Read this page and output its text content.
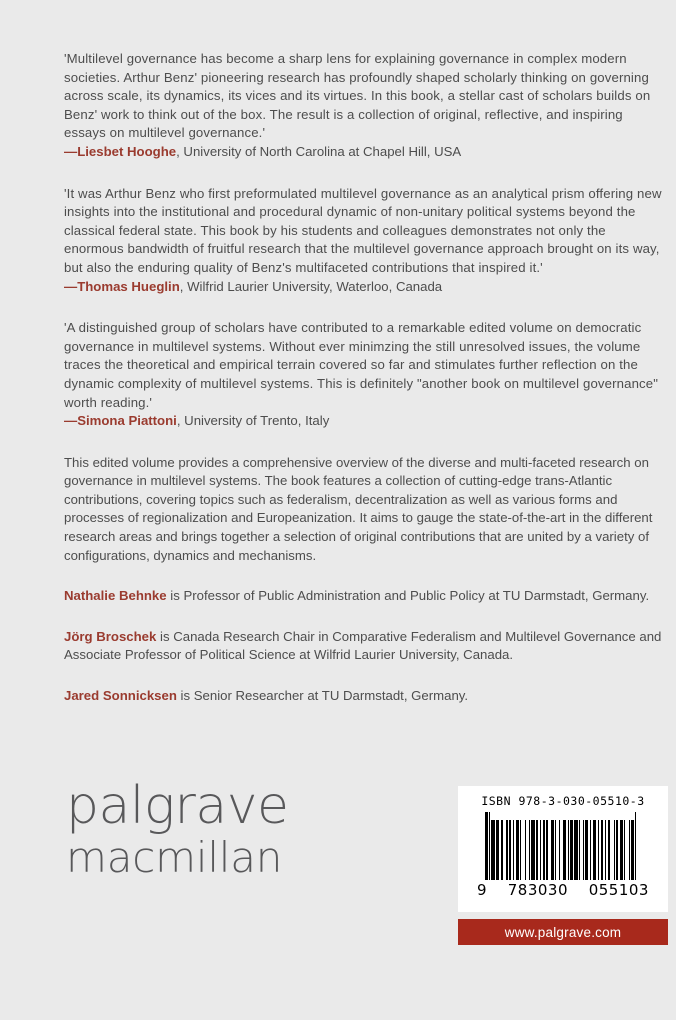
'Multilevel governance has become a sharp lens for explaining governance in complex modern societies. Arthur Benz' pioneering research has profoundly shaped scholarly thinking on governing across scale, its dynamics, its vices and its virtues. In this book, a stellar cast of scholars builds on Benz' work to think out of the box. The result is a collection of original, reflective, and inspiring essays on multilevel governance.'

—Liesbet Hooghe, University of North Carolina at Chapel Hill, USA

'It was Arthur Benz who first preformulated multilevel governance as an analytical prism offering new insights into the institutional and procedural dynamic of non-unitary political systems beyond the classical federal state. This book by his students and colleagues demonstrates not only the enormous bandwidth of fruitful research that the multilevel governance approach brought on its way, but also the enduring quality of Benz's multifaceted contributions that inspired it.'

—Thomas Hueglin, Wilfrid Laurier University, Waterloo, Canada

'A distinguished group of scholars have contributed to a remarkable edited volume on democratic governance in multilevel systems. Without ever minimzing the still unresolved issues, the volume traces the theoretical and empirical terrain covered so far and stimulates further reflection on the dynamic complexity of multilevel systems. This is definitely "another book on multilevel governance" worth reading.'

—Simona Piattoni, University of Trento, Italy

This edited volume provides a comprehensive overview of the diverse and multi-faceted research on governance in multilevel systems. The book features a collection of cutting-edge trans-Atlantic contributions, covering topics such as federalism, decentralization as well as various forms and processes of regionalization and Europeanization. It aims to gauge the state-of-the-art in the different research areas and brings together a selection of original contributions that are united by a variety of configurations, dynamics and mechanisms.

Nathalie Behnke is Professor of Public Administration and Public Policy at TU Darmstadt, Germany.

Jörg Broschek is Canada Research Chair in Comparative Federalism and Multilevel Governance and Associate Professor of Political Science at Wilfrid Laurier University, Canada.

Jared Sonnicksen is Senior Researcher at TU Darmstadt, Germany.

palgrave
macmillan
ISBN 978-3-030-05510-3
9 783030 055103
www.palgrave.com
